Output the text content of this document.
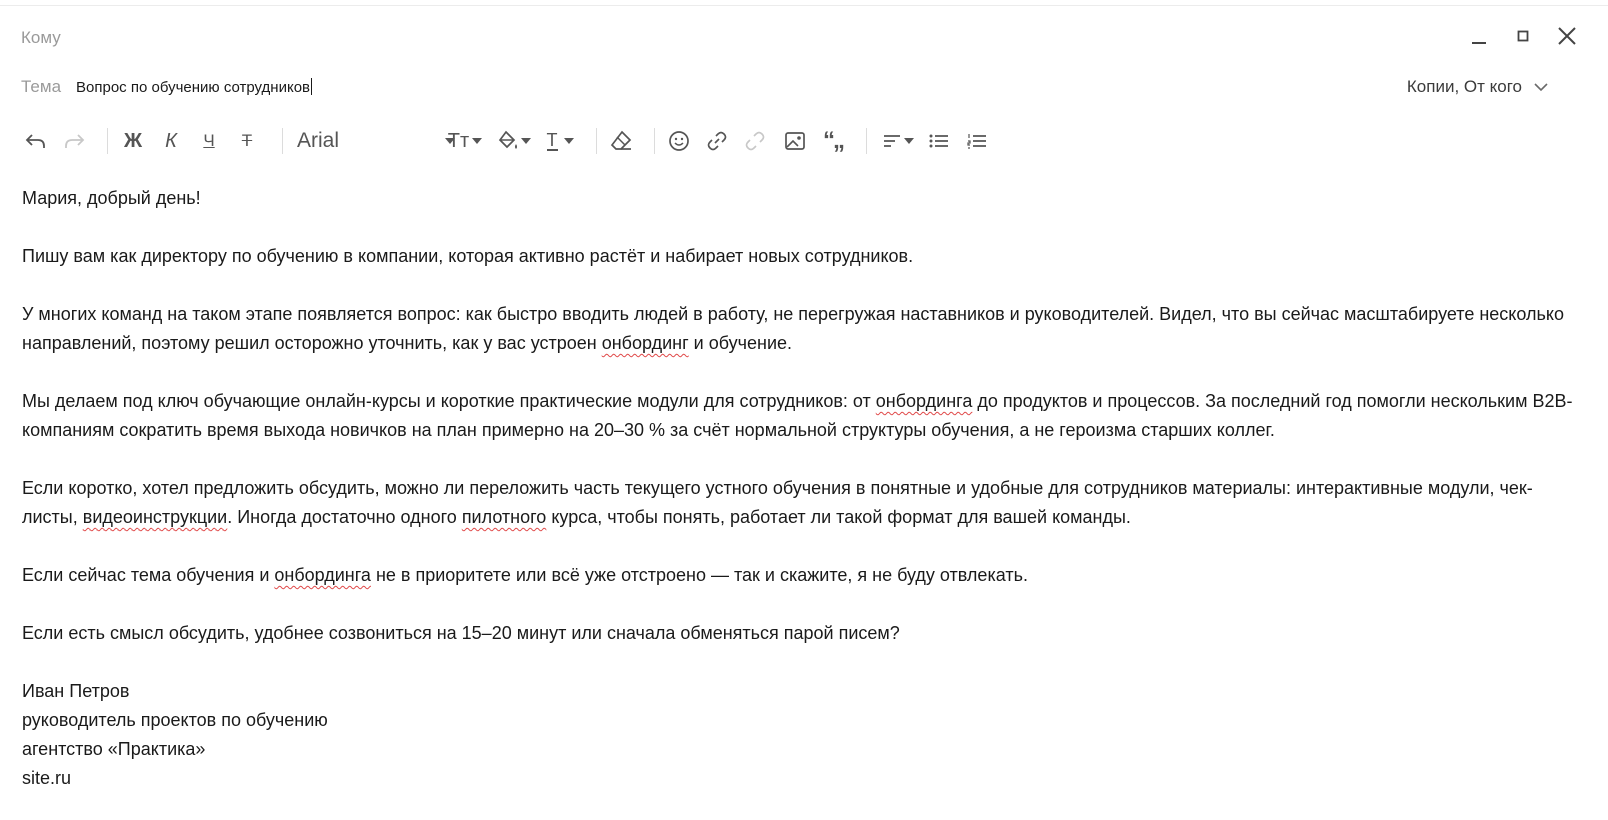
Кому
Тема Вопрос по обучению сотрудников	Копии, От кого
Ж К Ч Т Arial	Тт	Т	“„

Мария, добрый день!

Пишу вам как директору по обучению в компании, которая активно растёт и набирает новых сотрудников.

У многих команд на таком этапе появляется вопрос: как быстро вводить людей в работу, не перегружая наставников и руководителей. Видел, что вы сейчас масштабируете несколько направлений, поэтому решил осторожно уточнить, как у вас устроен онбординг и обучение.

Мы делаем под ключ обучающие онлайн-курсы и короткие практические модули для сотрудников: от онбординга до продуктов и процессов. За последний год помогли нескольким B2B-компаниям сократить время выхода новичков на план примерно на 20–30 % за счёт нормальной структуры обучения, а не героизма старших коллег.

Если коротко, хотел предложить обсудить, можно ли переложить часть текущего устного обучения в понятные и удобные для сотрудников материалы: интерактивные модули, чек-листы, видеоинструкции. Иногда достаточно одного пилотного курса, чтобы понять, работает ли такой формат для вашей команды.

Если сейчас тема обучения и онбординга не в приоритете или всё уже отстроено — так и скажите, я не буду отвлекать.

Если есть смысл обсудить, удобнее созвониться на 15–20 минут или сначала обменяться парой писем?

Иван Петров
руководитель проектов по обучению
агентство «Практика»
site.ru
